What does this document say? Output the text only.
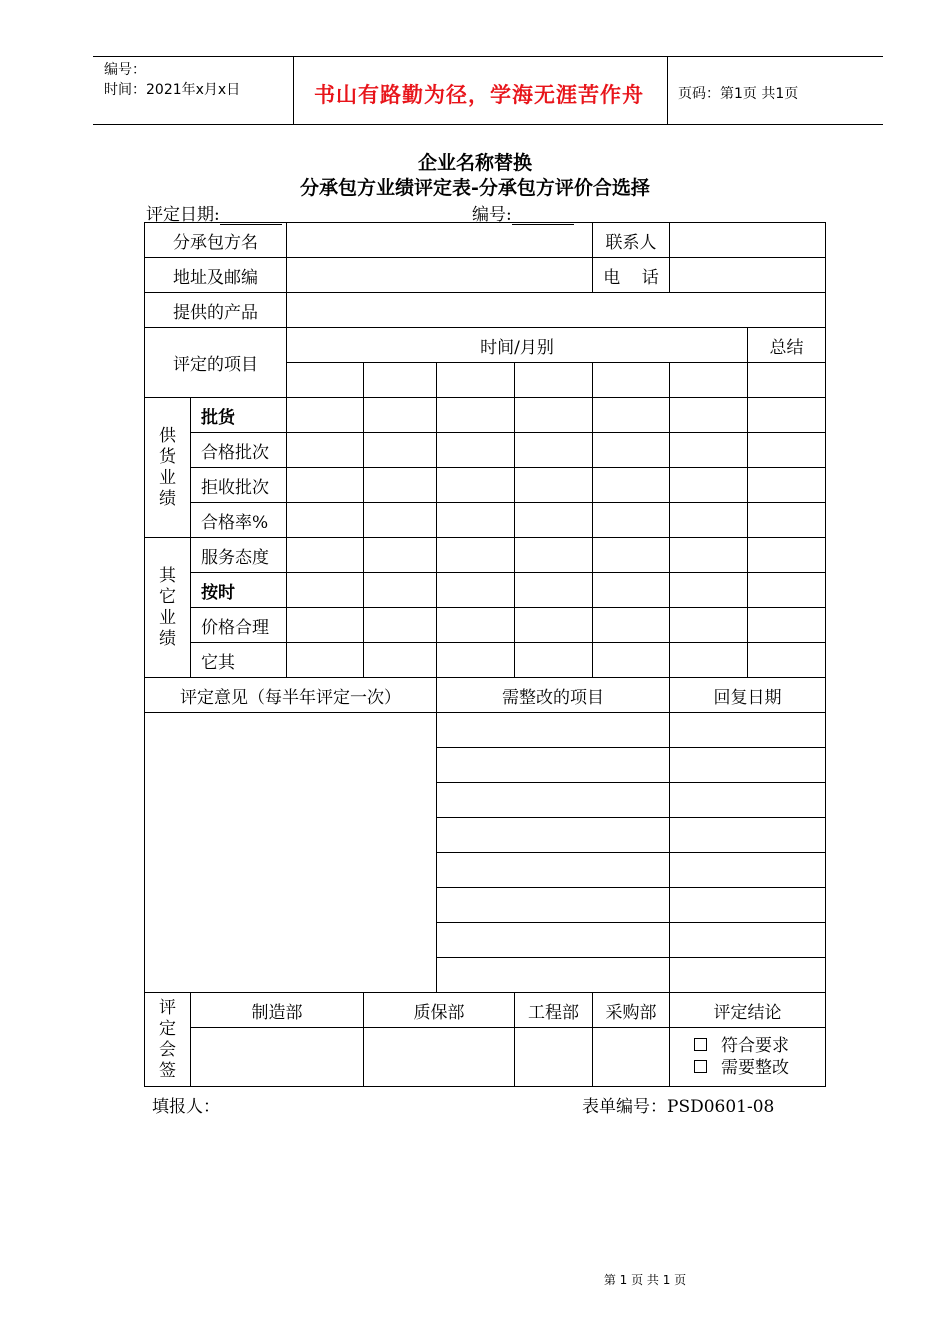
编号：
时间：2021年x月x日	书山有路勤为径，学海无涯苦作舟 页码：第1页 共1页
企业名称替换
分承包方业绩评定表-分承包方评价合选择
评定日期:	编号:
分承包方名						联系人		
地址及邮编						电    话		
提供的产品								
评定的项目		时间/月别						总结

供货业绩	批货							
	合格批次							
	拒收批次							
	合格率%							
其它业绩	服务态度							
	按时							
	价格合理							
	它其							
评定意见（每半年评定一次）				需整改的项目			回复日期	

评定会签	制造部		质保部		工程部	采购部	评定结论	

							符合要求
需要整改	
填报人：	表单编号：PSD0601-08
第 1 页 共 1 页
